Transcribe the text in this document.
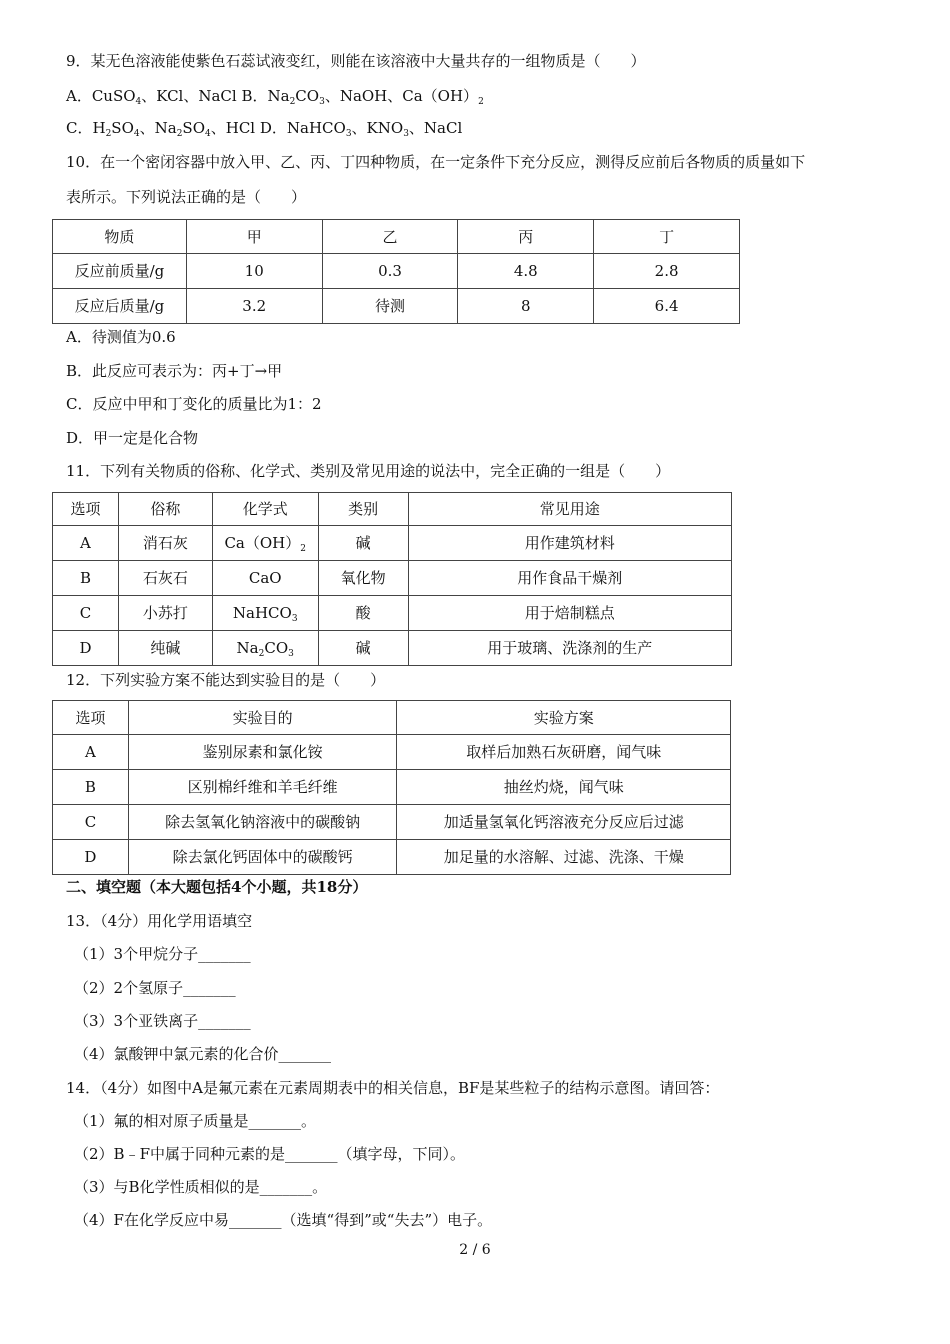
9．某无色溶液能使紫色石蕊试液变红，则能在该溶液中大量共存的一组物质是（　　）
A．CuSO$_4$、KCl、NaCl B．$Na_2CO_3$、NaOH、$Ca(OH)_2$
C．$H_2SO_4$、$Na_2SO_4$、HCl D．NaHCO$_3$、$KNO_3$、NaCl
10．在一个密闭容器中放入甲、乙、丙、丁四种物质，在一定条件下充分反应，测得反应前后各物质的质量如下
表所示。下列说法正确的是（　　）
物质	甲	乙	丙	丁
反应前质量/g	10	0.3	4.8	2.8
反应后质量/g	3.2	待测	8	6.4
A．待测值为0.6
B．此反应可表示为：丙+丁→甲
C．反应中甲和丁变化的质量比为1：2
D．甲一定是化合物
11．下列有关物质的俗称、化学式、类别及常见用途的说法中，完全正确的一组是（　　）
选项	俗称	化学式	类别	常见用途
A	消石灰	$Ca(OH)_2$	碱	用作建筑材料
B	石灰石	CaO	氧化物	用作食品干燥剂
C	小苏打	NaHCO$_3$	酸	用于焙制糕点
D	纯碱	$Na_2CO_3$	碱	用于玻璃、洗涤剂的生产
12．下列实验方案不能达到实验目的是（　　）
选项	实验目的	实验方案
A	鉴别尿素和氯化铵	取样后加熟石灰研磨，闻气味
B	区别棉纤维和羊毛纤维	抽丝灼烧，闻气味
C	除去氢氧化钠溶液中的碳酸钠	加适量氢氧化钙溶液充分反应后过滤
D	除去氯化钙固体中的碳酸钙	加足量的水溶解、过滤、洗涤、干燥
二、填空题（本大题包括4个小题，共18分）
13．（4分）用化学用语填空
（1）3个甲烷分子_______
（2）2个氢原子_______
（3）3个亚铁离子_______
（4）氯酸钾中氯元素的化合价_______
14．（4分）如图中A是氟元素在元素周期表中的相关信息，BF是某些粒子的结构示意图。请回答：
（1）氟的相对原子质量是_______。
（2）B﹣F中属于同种元素的是_______（填字母，下同）。
（3）与B化学性质相似的是_______。
（4）F在化学反应中易_______（选填“得到”或“失去”）电子。
2 / 6
